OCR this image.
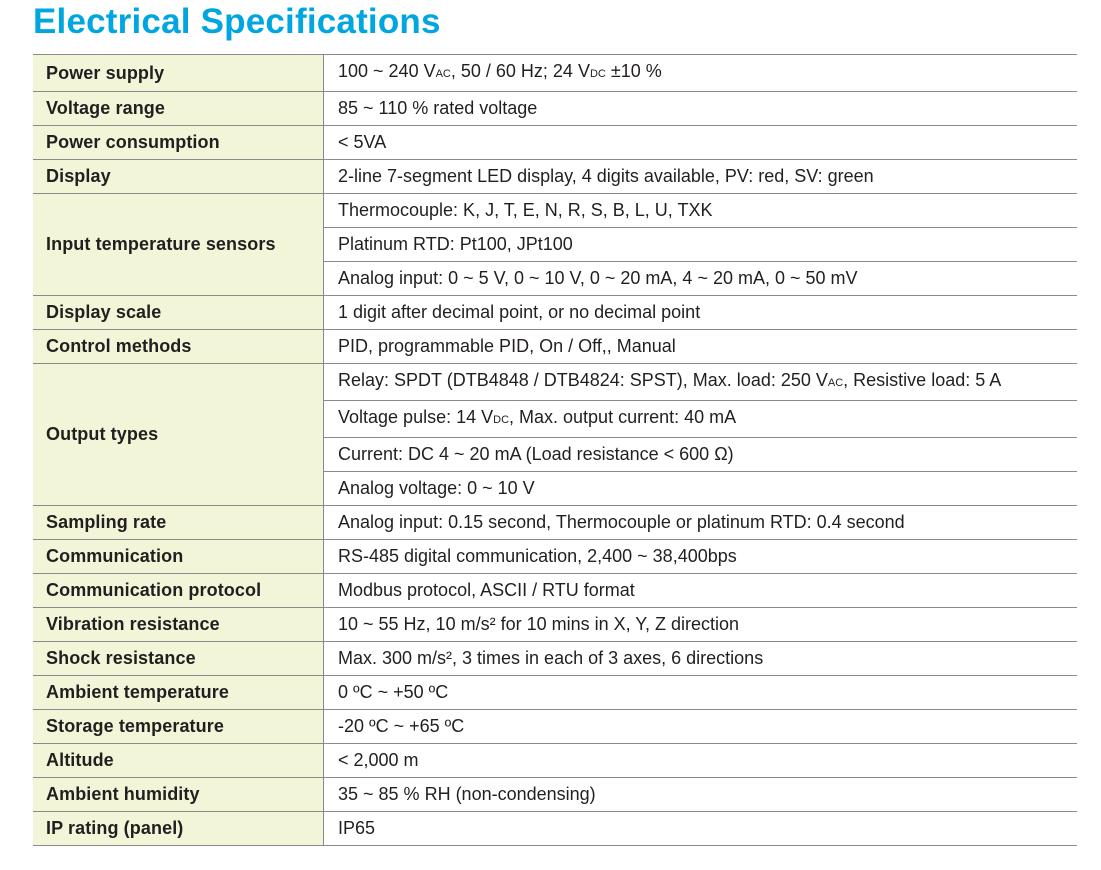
Electrical Specifications
Power supply	100 ~ 240 VAC, 50 / 60 Hz; 24 VDC ±10 %
Voltage range	85 ~ 110 % rated voltage
Power consumption	< 5VA
Display	2-line 7-segment LED display, 4 digits available, PV: red, SV: green
Input temperature sensors	Thermocouple: K, J, T, E, N, R, S, B, L, U, TXK
	Platinum RTD: Pt100, JPt100
	Analog input: 0 ~ 5 V, 0 ~ 10 V, 0 ~ 20 mA, 4 ~ 20 mA, 0 ~ 50 mV
Display scale	1 digit after decimal point, or no decimal point
Control methods	PID, programmable PID, On / Off,, Manual
Output types	Relay: SPDT (DTB4848 / DTB4824: SPST), Max. load: 250 VAC, Resistive load: 5 A
	Voltage pulse: 14 VDC, Max. output current: 40 mA
	Current: DC 4 ~ 20 mA (Load resistance < 600 Ω)
	Analog voltage: 0 ~ 10 V
Sampling rate	Analog input: 0.15 second, Thermocouple or platinum RTD: 0.4 second
Communication	RS-485 digital communication, 2,400 ~ 38,400bps
Communication protocol	Modbus protocol, ASCII / RTU format
Vibration resistance	10 ~ 55 Hz, 10 m/s² for 10 mins in X, Y, Z direction
Shock resistance	Max. 300 m/s², 3 times in each of 3 axes, 6 directions
Ambient temperature	0 ºC ~ +50 ºC
Storage temperature	-20 ºC ~ +65 ºC
Altitude	< 2,000 m
Ambient humidity	35 ~ 85 % RH (non-condensing)
IP rating (panel)	IP65
